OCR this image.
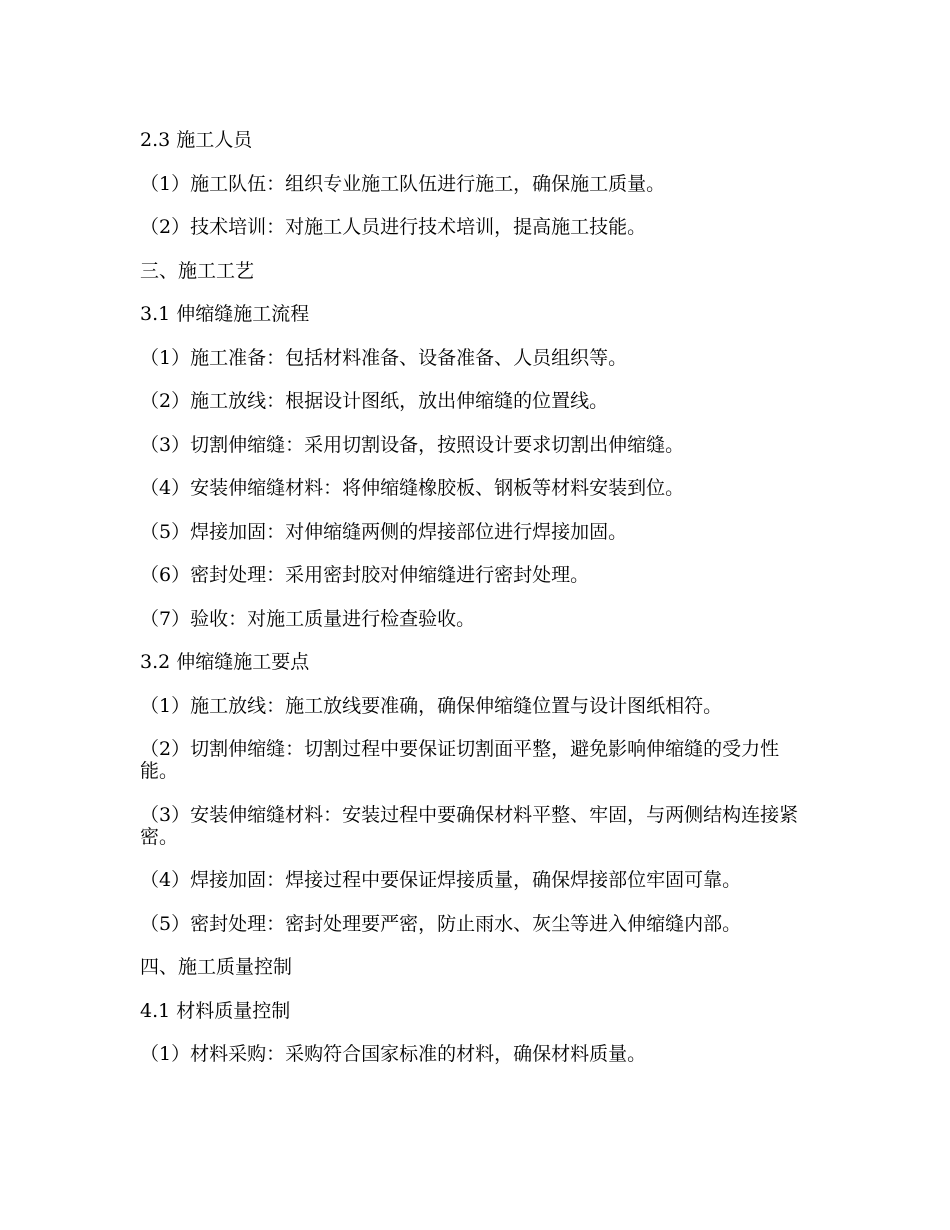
2.3 施工人员

（1）施工队伍：组织专业施工队伍进行施工，确保施工质量。

（2）技术培训：对施工人员进行技术培训，提高施工技能。

三、施工工艺

3.1 伸缩缝施工流程

（1）施工准备：包括材料准备、设备准备、人员组织等。

（2）施工放线：根据设计图纸，放出伸缩缝的位置线。

（3）切割伸缩缝：采用切割设备，按照设计要求切割出伸缩缝。

（4）安装伸缩缝材料：将伸缩缝橡胶板、钢板等材料安装到位。

（5）焊接加固：对伸缩缝两侧的焊接部位进行焊接加固。

（6）密封处理：采用密封胶对伸缩缝进行密封处理。

（7）验收：对施工质量进行检查验收。

3.2 伸缩缝施工要点

（1）施工放线：施工放线要准确，确保伸缩缝位置与设计图纸相符。

（2）切割伸缩缝：切割过程中要保证切割面平整，避免影响伸缩缝的受力性能。

（3）安装伸缩缝材料：安装过程中要确保材料平整、牢固，与两侧结构连接紧密。

（4）焊接加固：焊接过程中要保证焊接质量，确保焊接部位牢固可靠。

（5）密封处理：密封处理要严密，防止雨水、灰尘等进入伸缩缝内部。

四、施工质量控制

4.1 材料质量控制

（1）材料采购：采购符合国家标准的材料，确保材料质量。
